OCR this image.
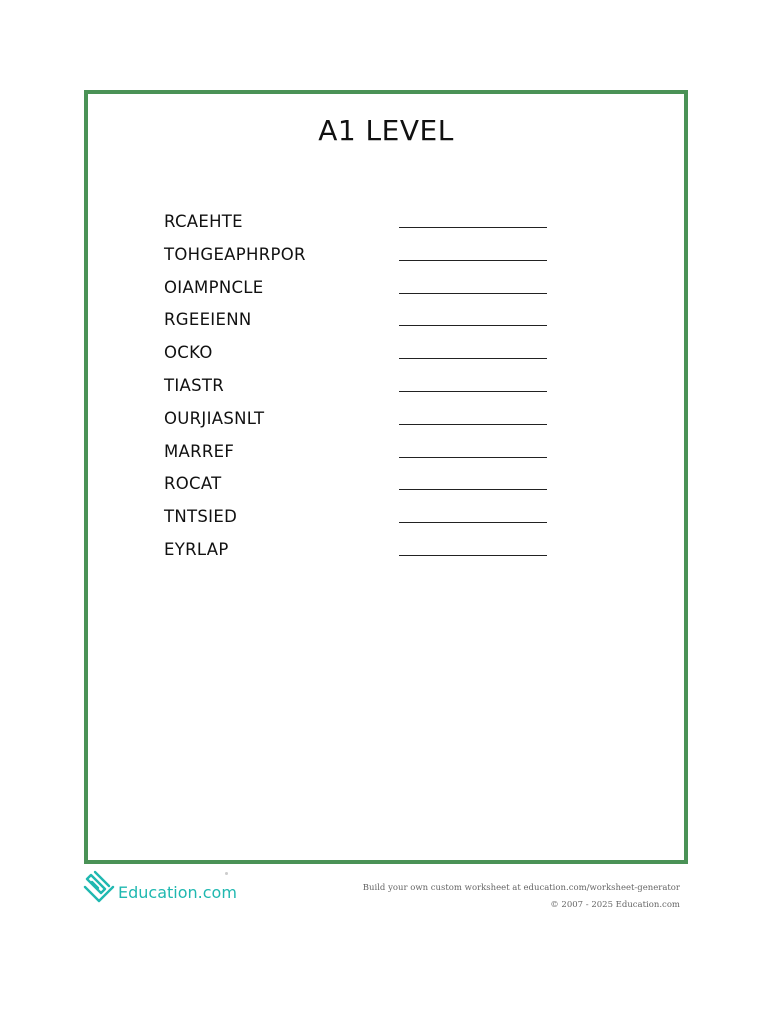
A1 LEVEL
RCAEHTE
TOHGEAPHRPOR
OIAMPNCLE
RGEEIENN
OCKO
TIASTR
OURJIASNLT
MARREF
ROCAT
TNTSIED
EYRLAP
Education.com	Build your own custom worksheet at education.com/worksheet-generator
© 2007 - 2025 Education.com
